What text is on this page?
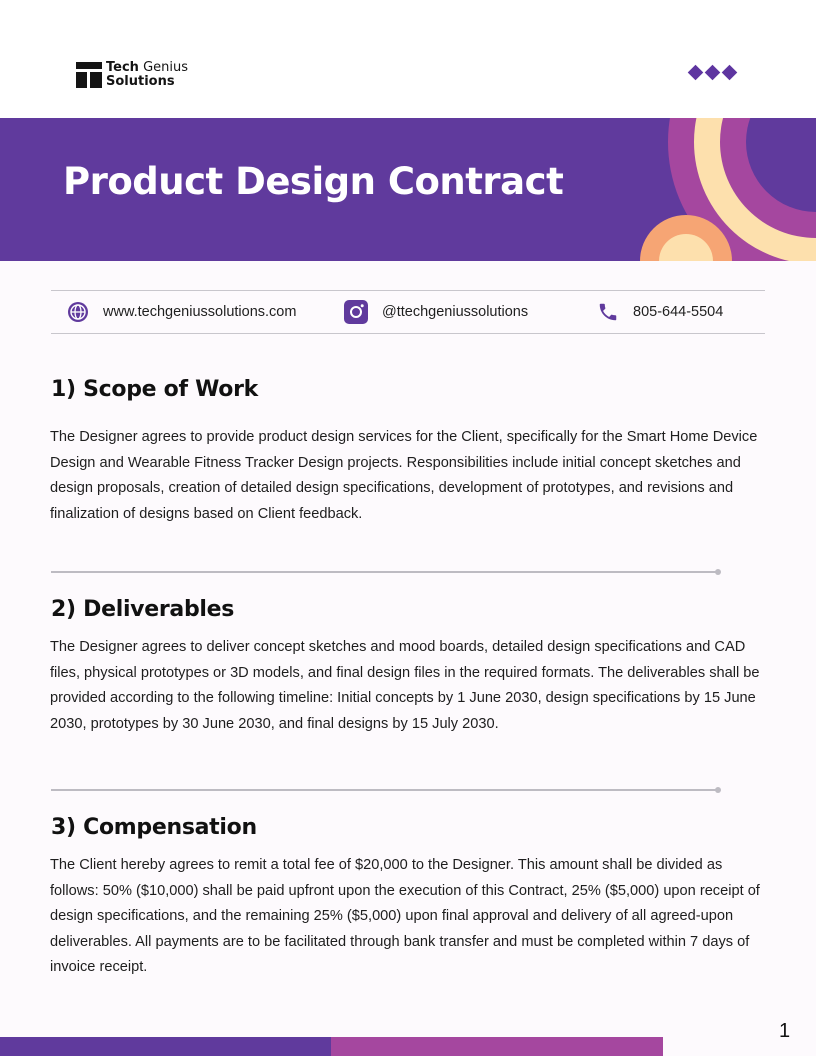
Tech Genius
Solutions
Product Design Contract
www.techgeniussolutions.com	@ttechgeniussolutions	805-644-5504
1) Scope of Work

The Designer agrees to provide product design services for the Client, specifically for the Smart Home Device Design and Wearable Fitness Tracker Design projects. Responsibilities include initial concept sketches and design proposals, creation of detailed design specifications, development of prototypes, and revisions and finalization of designs based on Client feedback.

2) Deliverables

The Designer agrees to deliver concept sketches and mood boards, detailed design specifications and CAD files, physical prototypes or 3D models, and final design files in the required formats. The deliverables shall be provided according to the following timeline: Initial concepts by 1 June 2030, design specifications by 15 June 2030, prototypes by 30 June 2030, and final designs by 15 July 2030.

3) Compensation

The Client hereby agrees to remit a total fee of $20,000 to the Designer. This amount shall be divided as follows: 50% ($10,000) shall be paid upfront upon the execution of this Contract, 25% ($5,000) upon receipt of design specifications, and the remaining 25% ($5,000) upon final approval and delivery of all agreed-upon deliverables. All payments are to be facilitated through bank transfer and must be completed within 7 days of invoice receipt.

1
